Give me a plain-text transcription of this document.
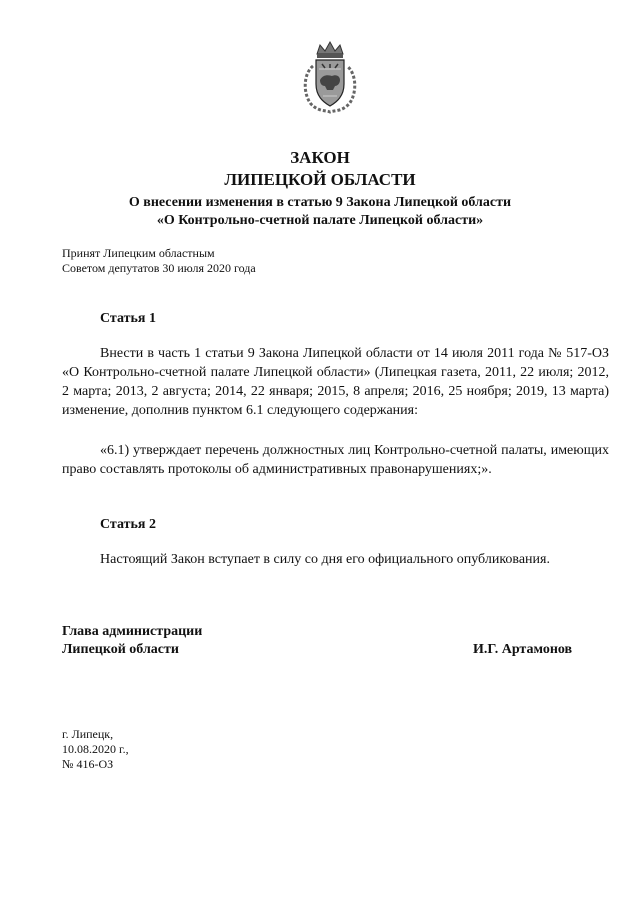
ЗАКОН
ЛИПЕЦКОЙ ОБЛАСТИ
О внесении изменения в статью 9 Закона Липецкой области
«О Контрольно-счетной палате Липецкой области»
Принят Липецким областным
Советом депутатов 30 июля 2020 года
Статья 1

Внести в часть 1 статьи 9 Закона Липецкой области от 14 июля 2011 года № 517-ОЗ «О Контрольно-счетной палате Липецкой области» (Липецкая газета, 2011, 22 июля; 2012, 2 марта; 2013, 2 августа; 2014, 22 января; 2015, 8 апреля; 2016, 25 ноября; 2019, 13 марта) изменение, дополнив пунктом 6.1 следующего содержания:

«6.1) утверждает перечень должностных лиц Контрольно-счетной палаты, имеющих право составлять протоколы об административных правонарушениях;».

Статья 2

Настоящий Закон вступает в силу со дня его официального опубликования.

Глава администрации
Липецкой области	И.Г. Артамонов
г. Липецк,
10.08.2020 г.,
№ 416-ОЗ
